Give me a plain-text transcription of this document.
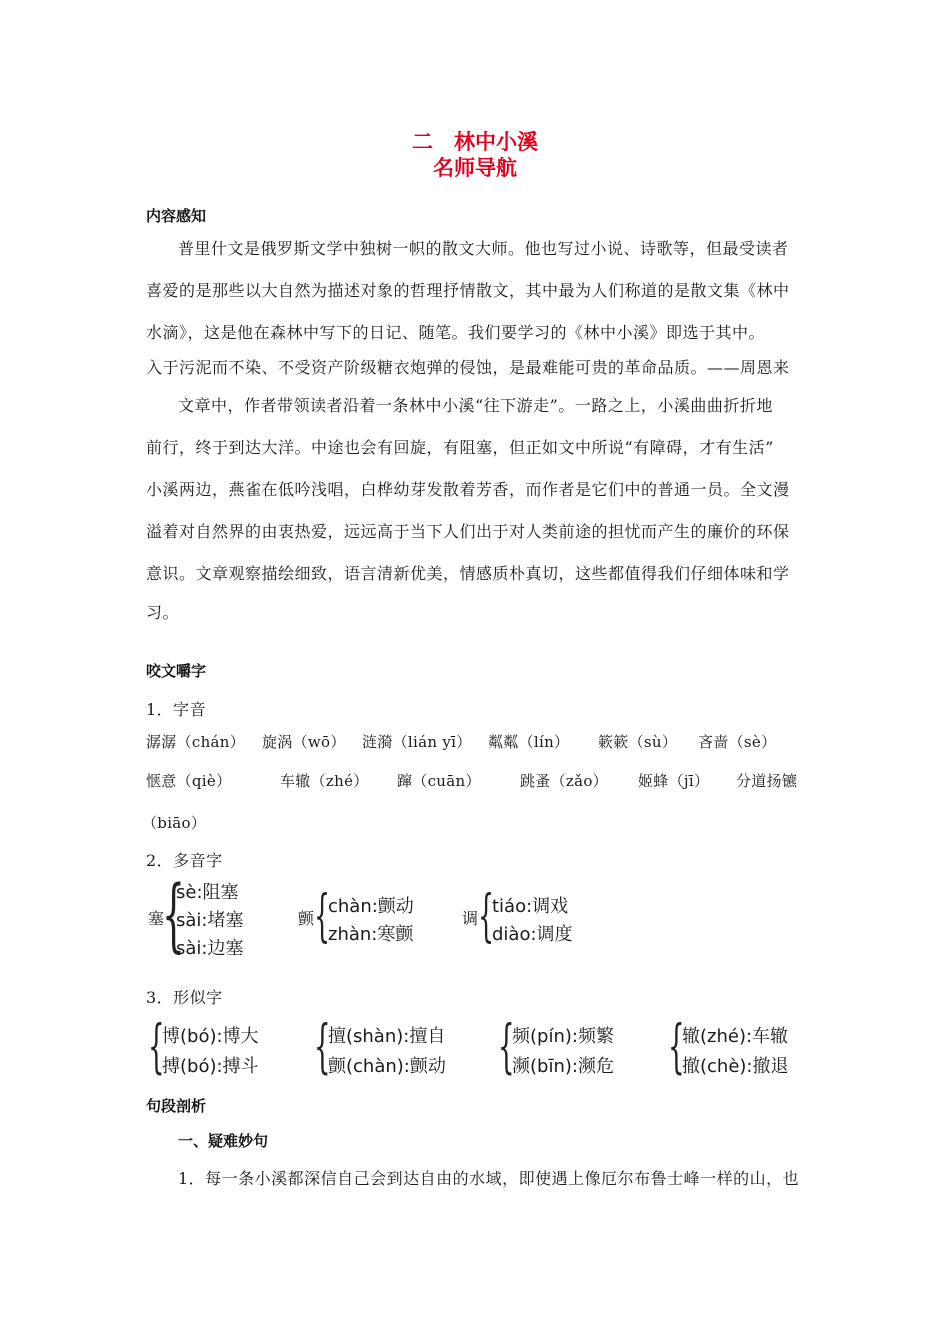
二　林中小溪
名师导航
内容感知
普里什文是俄罗斯文学中独树一帜的散文大师。他也写过小说、诗歌等，但最受读者
喜爱的是那些以大自然为描述对象的哲理抒情散文，其中最为人们称道的是散文集《林中
水滴》，这是他在森林中写下的日记、随笔。我们要学习的《林中小溪》即选于其中。
入于污泥而不染、不受资产阶级糖衣炮弹的侵蚀，是最难能可贵的革命品质。——周恩来
文章中，作者带领读者沿着一条林中小溪“往下游走”。一路之上，小溪曲曲折折地
前行，终于到达大洋。中途也会有回旋，有阻塞，但正如文中所说“有障碍，才有生活”
小溪两边，燕雀在低吟浅唱，白桦幼芽发散着芳香，而作者是它们中的普通一员。全文漫
溢着对自然界的由衷热爱，远远高于当下人们出于对人类前途的担忧而产生的廉价的环保
意识。文章观察描绘细致，语言清新优美，情感质朴真切，这些都值得我们仔细体味和学
习。
咬文嚼字
1．字音
潺潺（chán） 旋涡（wō） 涟漪（lián yī） 粼粼（lín） 簌簌（sù） 吝啬（sè）
惬意（qiè）	车辙（zhé） 蹿（cuān）	跳蚤（zǎo） 姬蜂（jī） 分道扬镳
（biāo）
2．多音字
塞
{
sè:阻塞
sài:堵塞
sài:边塞
颤 {
chàn:颤动
zhàn:寒颤
调 {
tiáo:调戏
diào:调度
3．形似字
{
博(bó):博大
搏(bó):搏斗 {
擅(shàn):擅自
颤(chàn):颤动 {
频(pín):频繁
濒(bīn):濒危 {
辙(zhé):车辙
撤(chè):撤退
句段剖析
一、疑难妙句
1．每一条小溪都深信自己会到达自由的水域，即使遇上像厄尔布鲁士峰一样的山，也
